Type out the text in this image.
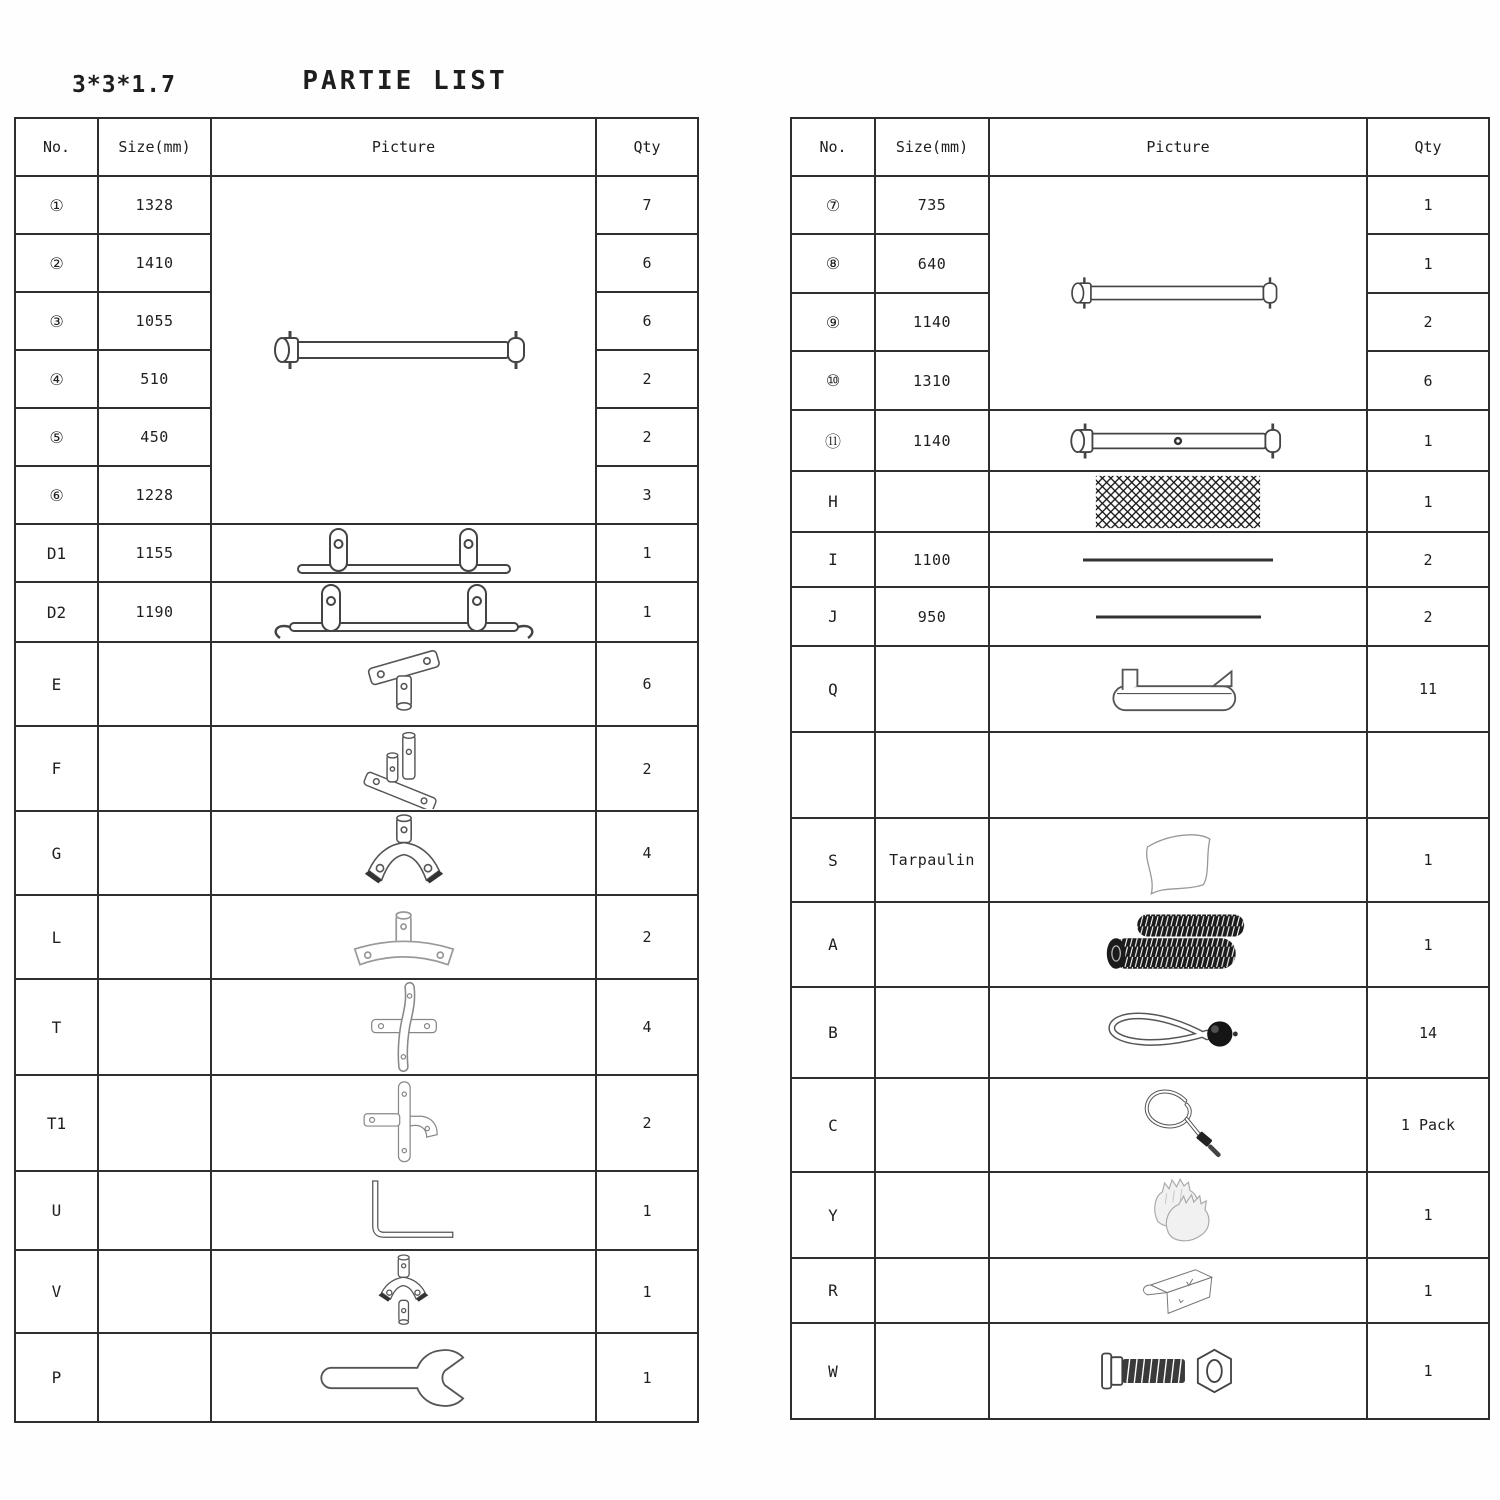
3*3*1.7	PARTIE LIST
No.	Size(mm)	Picture	Qty
①	1328		7
②	1410		6
③	1055		6
④	510		2
⑤	450		2
⑥	1228		3
D1	1155		1
D2	1190		1
E			6
F			2
G			4
L			2
T			4
T1			2
U			1
V			1
P			1
No.	Size(mm)	Picture	Qty
⑦	735		1
⑧	640		1
⑨	1140		2
⑩	1310		6
⑪	1140		1
H			1
I	1100		2
J	950		2
Q			11

S	Tarpaulin		1
A			1
B			14
C			1 Pack
Y			1
R			1
W			1
